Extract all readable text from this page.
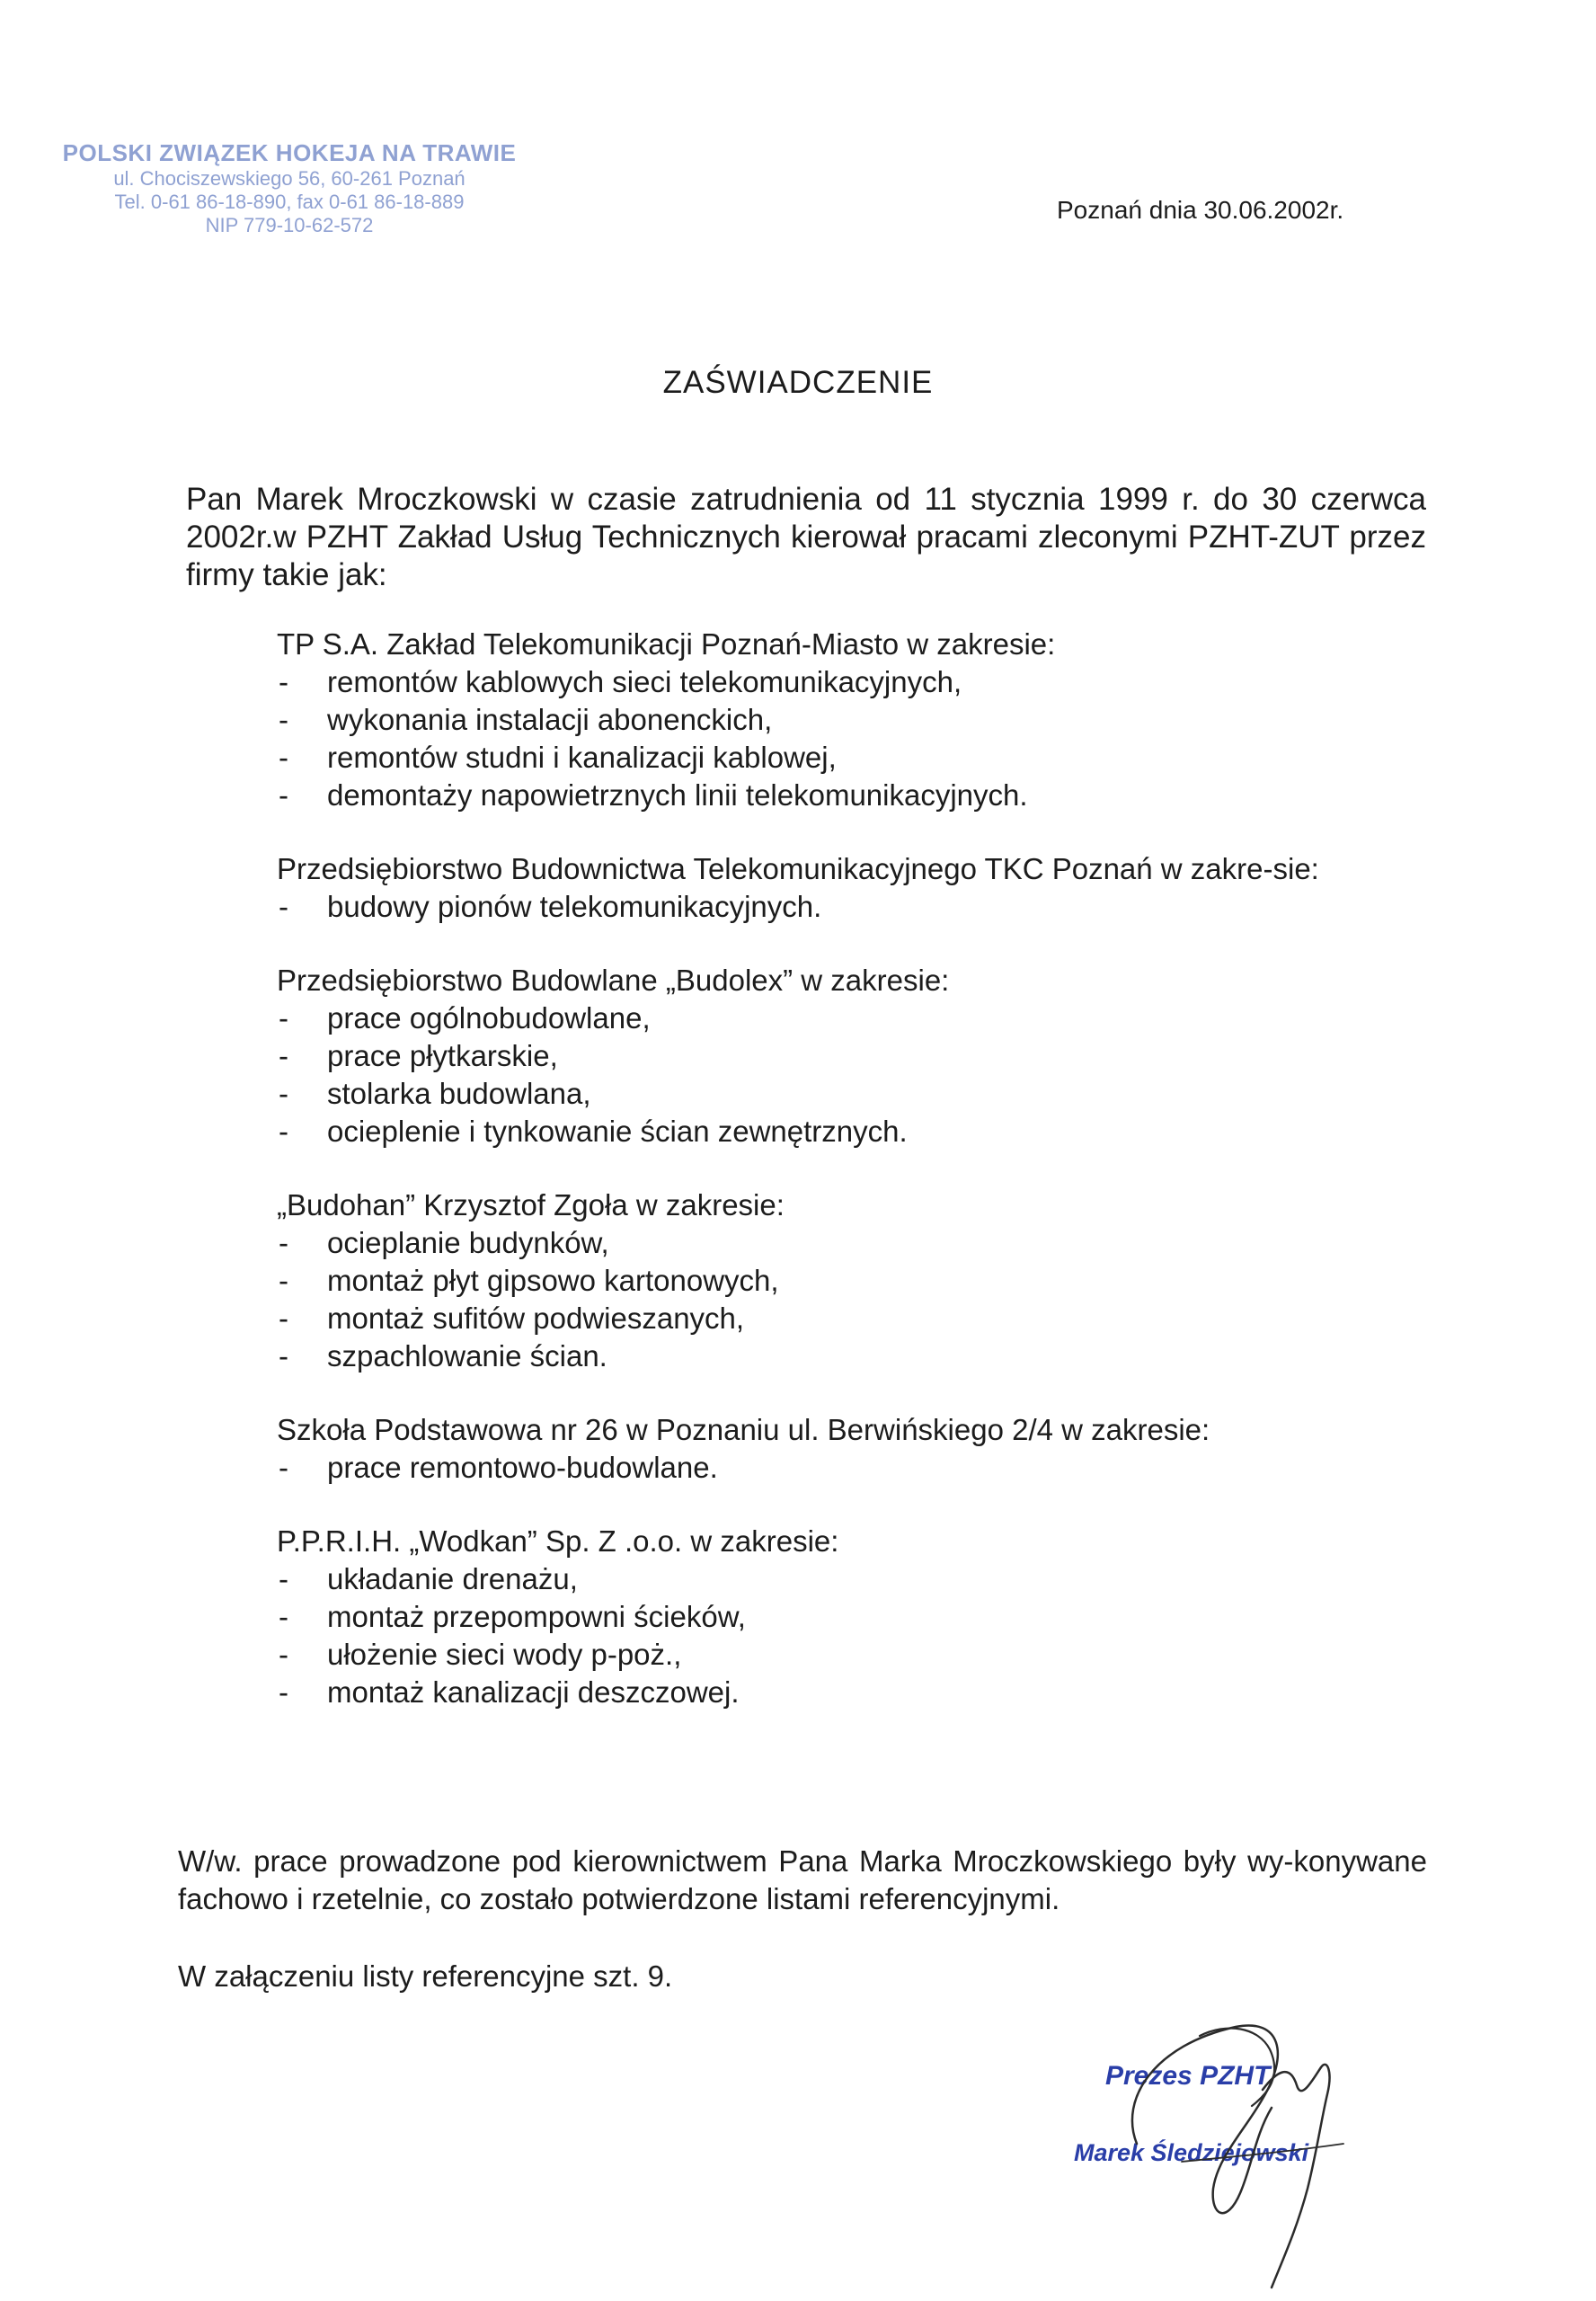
POLSKI ZWIĄZEK HOKEJA NA TRAWIE
ul. Chociszewskiego 56, 60-261 Poznań
Tel. 0-61 86-18-890, fax 0-61 86-18-889
NIP 779-10-62-572
Poznań dnia 30.06.2002r.
ZAŚWIADCZENIE
Pan Marek Mroczkowski w czasie zatrudnienia od 11 stycznia 1999 r. do 30 czerwca 2002r.w PZHT Zakład Usług Technicznych kierował pracami zleconymi PZHT-ZUT przez firmy takie jak:
TP S.A. Zakład Telekomunikacji Poznań-Miasto w zakresie:
- remontów kablowych sieci telekomunikacyjnych,
- wykonania instalacji abonenckich,
- remontów studni i kanalizacji kablowej,
- demontaży napowietrznych linii telekomunikacyjnych.
Przedsiębiorstwo Budownictwa Telekomunikacyjnego TKC Poznań w zakre-sie:
- budowy pionów telekomunikacyjnych.
Przedsiębiorstwo Budowlane „Budolex” w zakresie:
- prace ogólnobudowlane,
- prace płytkarskie,
- stolarka budowlana,
- ocieplenie i tynkowanie ścian zewnętrznych.
„Budohan” Krzysztof Zgoła w zakresie:
- ocieplanie budynków,
- montaż płyt gipsowo kartonowych,
- montaż sufitów podwieszanych,
- szpachlowanie ścian.
Szkoła Podstawowa nr 26 w Poznaniu ul. Berwińskiego 2/4 w zakresie:
- prace remontowo-budowlane.
P.P.R.I.H. „Wodkan” Sp. Z .o.o. w zakresie:
- układanie drenażu,
- montaż przepompowni ścieków,
- ułożenie sieci wody p-poż.,
- montaż kanalizacji deszczowej.
W/w. prace prowadzone pod kierownictwem Pana Marka Mroczkowskiego były wy-konywane fachowo i rzetelnie, co zostało potwierdzone listami referencyjnymi.
W załączeniu listy referencyjne szt. 9.
Prezes PZHT
Marek Śledziejowski
